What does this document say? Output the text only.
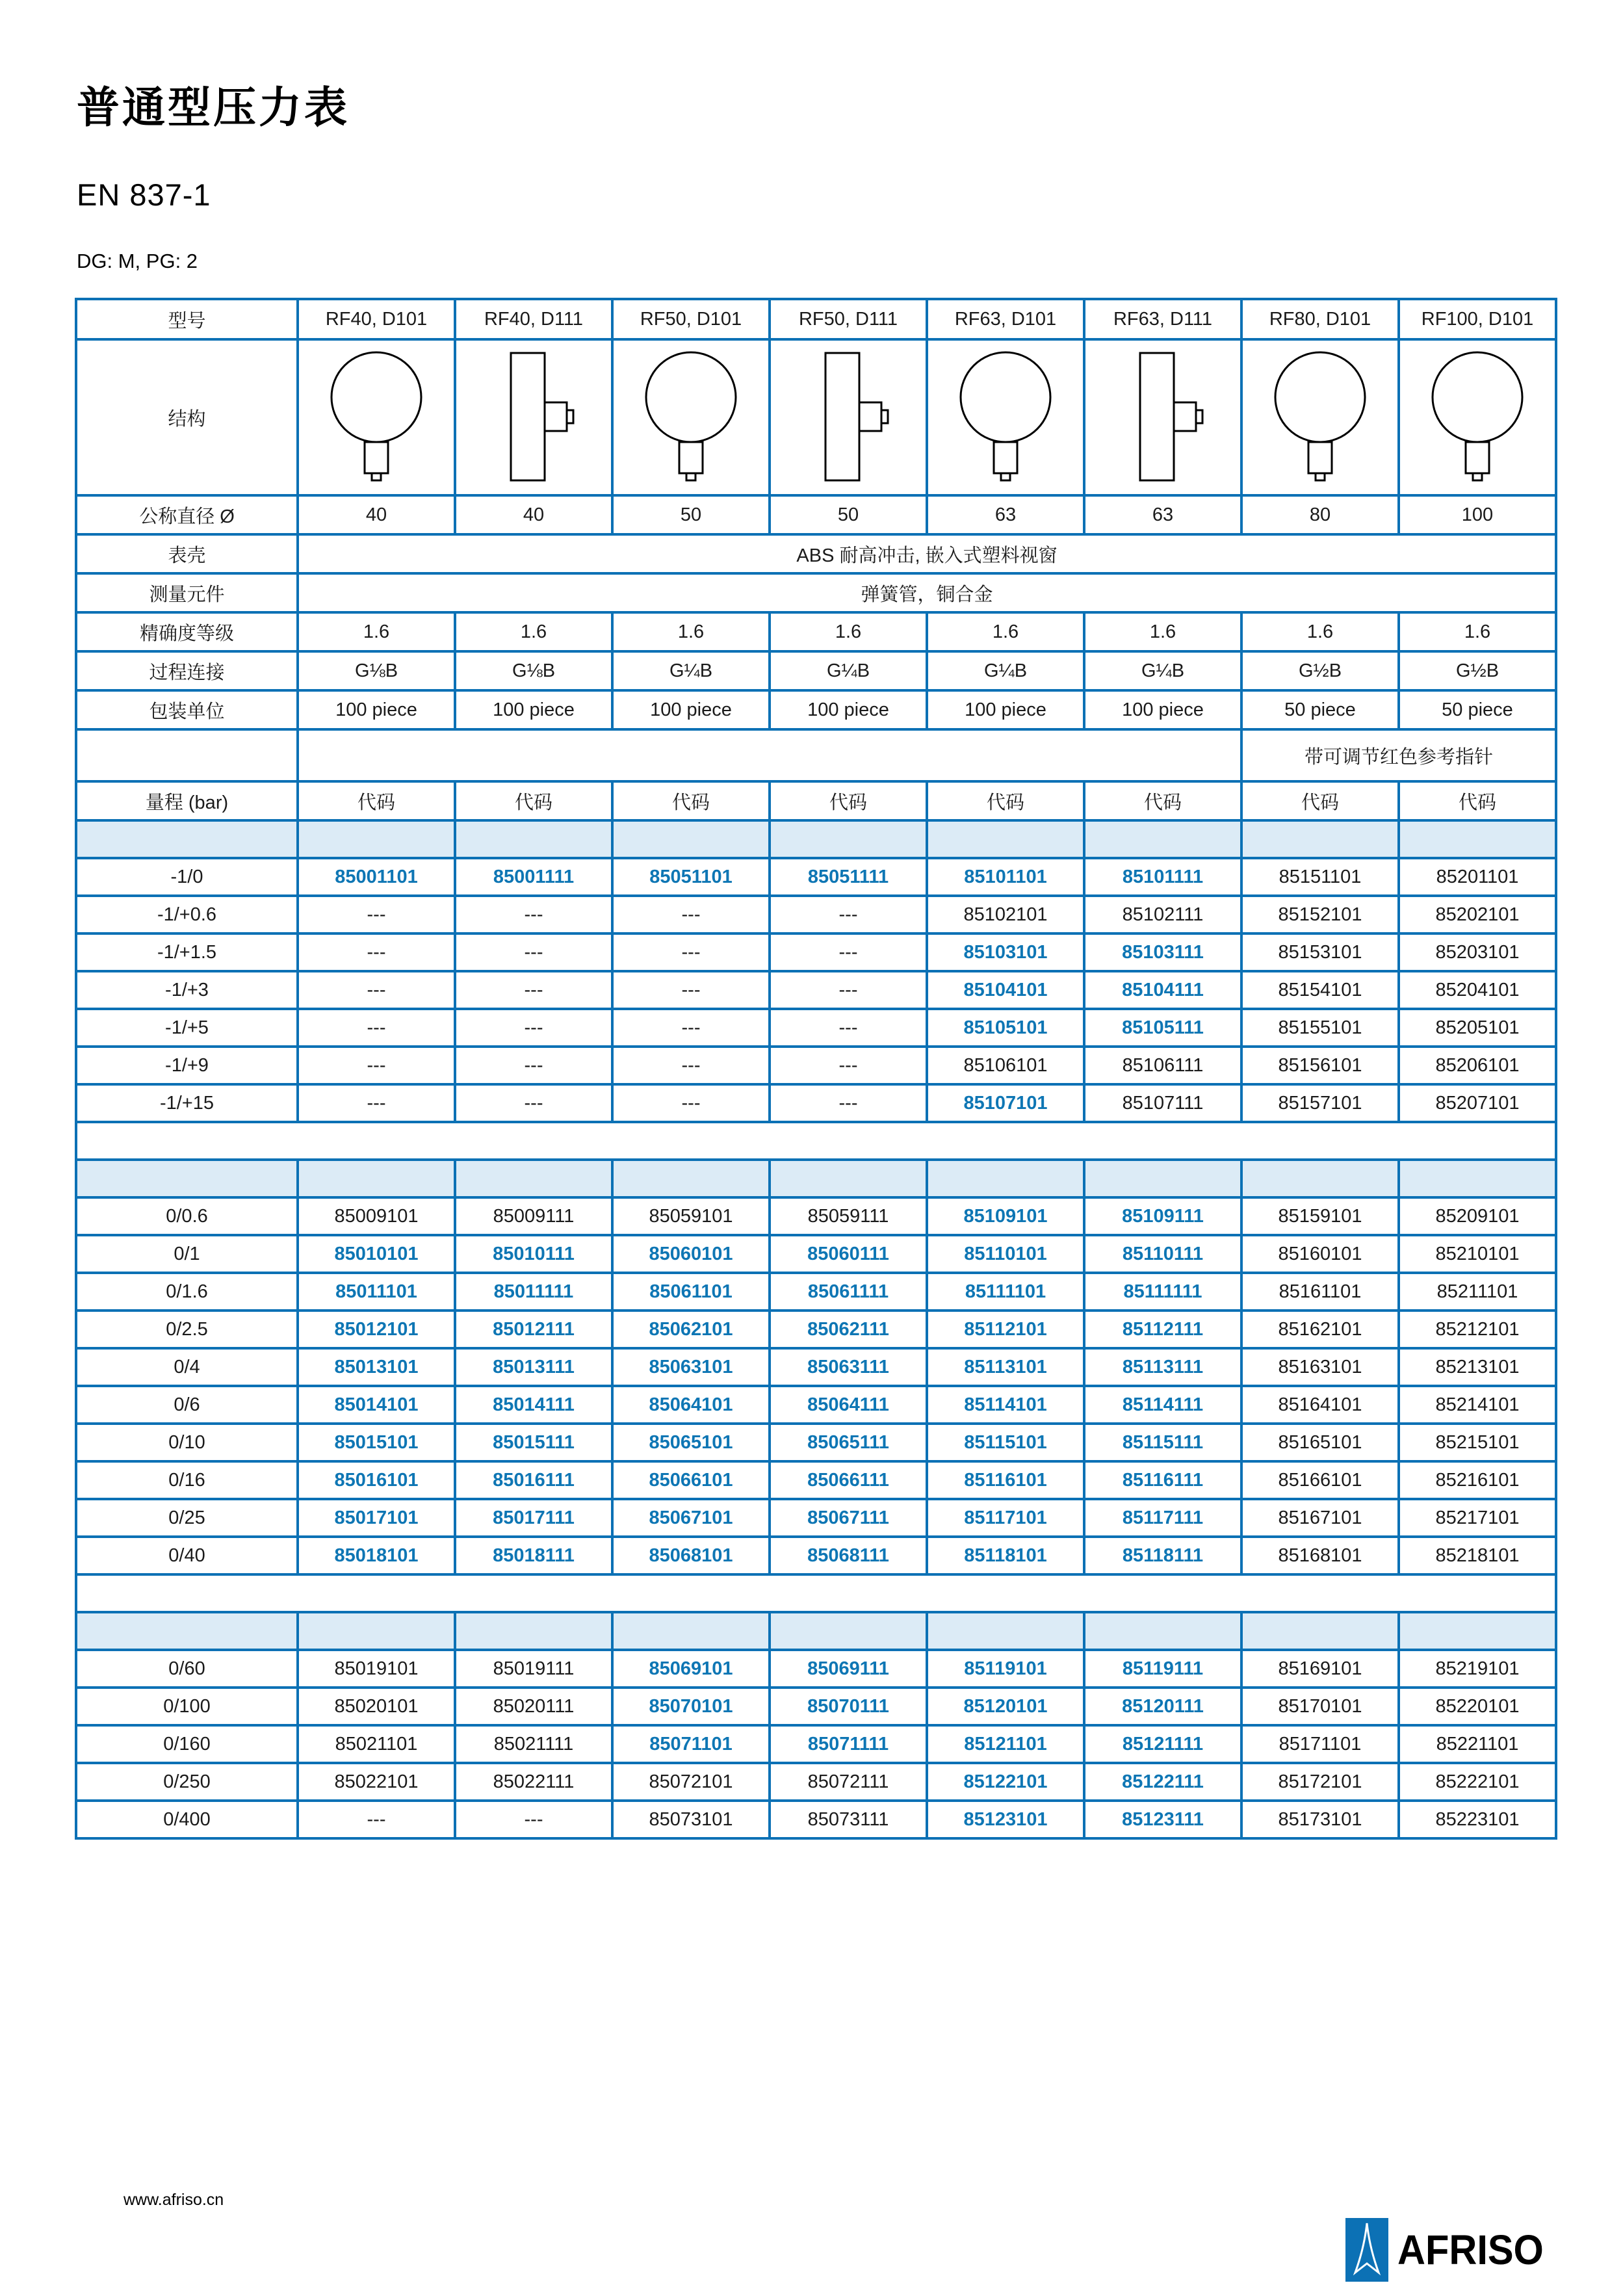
普通型压力表
EN 837-1
DG: M, PG: 2
型号	RF40, D101	RF40, D111	RF50, D101	RF50, D111	RF63, D101	RF63, D111	RF80, D101	RF100, D101
结构	

公称直径 Ø	40	40	50	50	63	63	80	100
表壳	ABS 耐高冲击, 嵌入式塑料视窗							
测量元件	弹簧管，铜合金							
精确度等级	1.6	1.6	1.6	1.6	1.6	1.6	1.6	1.6
过程连接	G⅛B	G⅛B	G¼B	G¼B	G¼B	G¼B	G½B	G½B
包装单位	100 piece	100 piece	100 piece	100 piece	100 piece	100 piece	50 piece	50 piece
							带可调节红色参考指针	
量程 (bar)	代码	代码	代码	代码	代码	代码	代码	代码

-1/0	85001101	85001111	85051101	85051111	85101101	85101111	85151101	85201101
-1/+0.6	---	---	---	---	85102101	85102111	85152101	85202101
-1/+1.5	---	---	---	---	85103101	85103111	85153101	85203101
-1/+3	---	---	---	---	85104101	85104111	85154101	85204101
-1/+5	---	---	---	---	85105101	85105111	85155101	85205101
-1/+9	---	---	---	---	85106101	85106111	85156101	85206101
-1/+15	---	---	---	---	85107101	85107111	85157101	85207101

0/0.6	85009101	85009111	85059101	85059111	85109101	85109111	85159101	85209101
0/1	85010101	85010111	85060101	85060111	85110101	85110111	85160101	85210101
0/1.6	85011101	85011111	85061101	85061111	85111101	85111111	85161101	85211101
0/2.5	85012101	85012111	85062101	85062111	85112101	85112111	85162101	85212101
0/4	85013101	85013111	85063101	85063111	85113101	85113111	85163101	85213101
0/6	85014101	85014111	85064101	85064111	85114101	85114111	85164101	85214101
0/10	85015101	85015111	85065101	85065111	85115101	85115111	85165101	85215101
0/16	85016101	85016111	85066101	85066111	85116101	85116111	85166101	85216101
0/25	85017101	85017111	85067101	85067111	85117101	85117111	85167101	85217101
0/40	85018101	85018111	85068101	85068111	85118101	85118111	85168101	85218101

0/60	85019101	85019111	85069101	85069111	85119101	85119111	85169101	85219101
0/100	85020101	85020111	85070101	85070111	85120101	85120111	85170101	85220101
0/160	85021101	85021111	85071101	85071111	85121101	85121111	85171101	85221101
0/250	85022101	85022111	85072101	85072111	85122101	85122111	85172101	85222101
0/400	---	---	85073101	85073111	85123101	85123111	85173101	85223101
www.afriso.cn
AFRISO
